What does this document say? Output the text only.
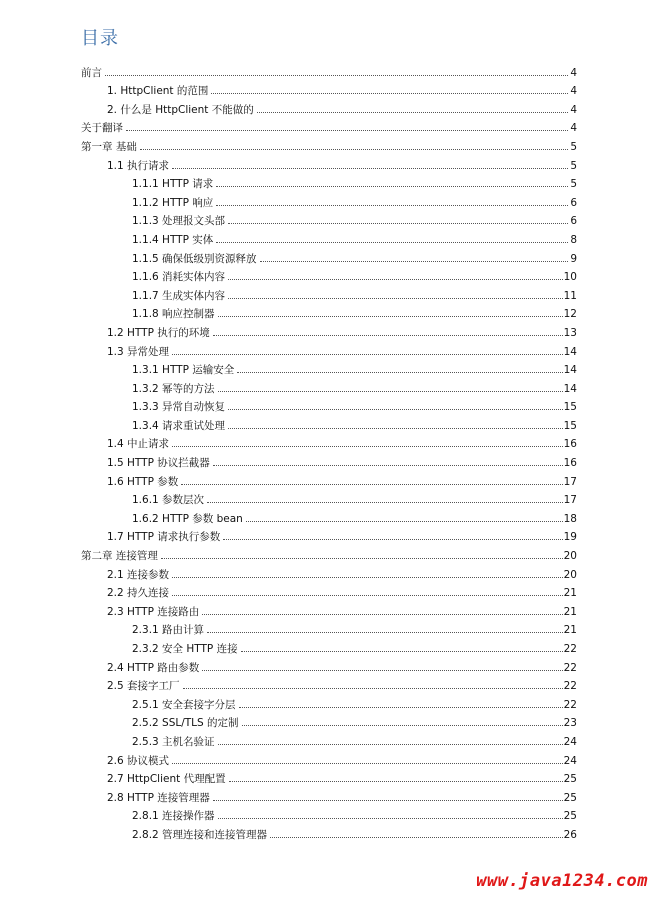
目录
前言	4
1. HttpClient 的范围	4
2. 什么是 HttpClient 不能做的	4
关于翻译	4
第一章 基础	5
1.1 执行请求	5
1.1.1 HTTP 请求	5
1.1.2 HTTP 响应	6
1.1.3 处理报文头部	6
1.1.4 HTTP 实体	8
1.1.5 确保低级别资源释放	9
1.1.6 消耗实体内容	10
1.1.7 生成实体内容	11
1.1.8 响应控制器	12
1.2 HTTP 执行的环境	13
1.3 异常处理	14
1.3.1 HTTP 运输安全	14
1.3.2 幂等的方法	14
1.3.3 异常自动恢复	15
1.3.4 请求重试处理	15
1.4 中止请求	16
1.5 HTTP 协议拦截器	16
1.6 HTTP 参数	17
1.6.1 参数层次	17
1.6.2 HTTP 参数 bean	18
1.7 HTTP 请求执行参数	19
第二章 连接管理	20
2.1 连接参数	20
2.2 持久连接	21
2.3 HTTP 连接路由	21
2.3.1 路由计算	21
2.3.2 安全 HTTP 连接	22
2.4 HTTP 路由参数	22
2.5 套接字工厂	22
2.5.1 安全套接字分层	22
2.5.2 SSL/TLS 的定制	23
2.5.3 主机名验证	24
2.6 协议模式	24
2.7 HttpClient 代理配置	25
2.8 HTTP 连接管理器	25
2.8.1 连接操作器	25
2.8.2 管理连接和连接管理器	26
www.java1234.com
